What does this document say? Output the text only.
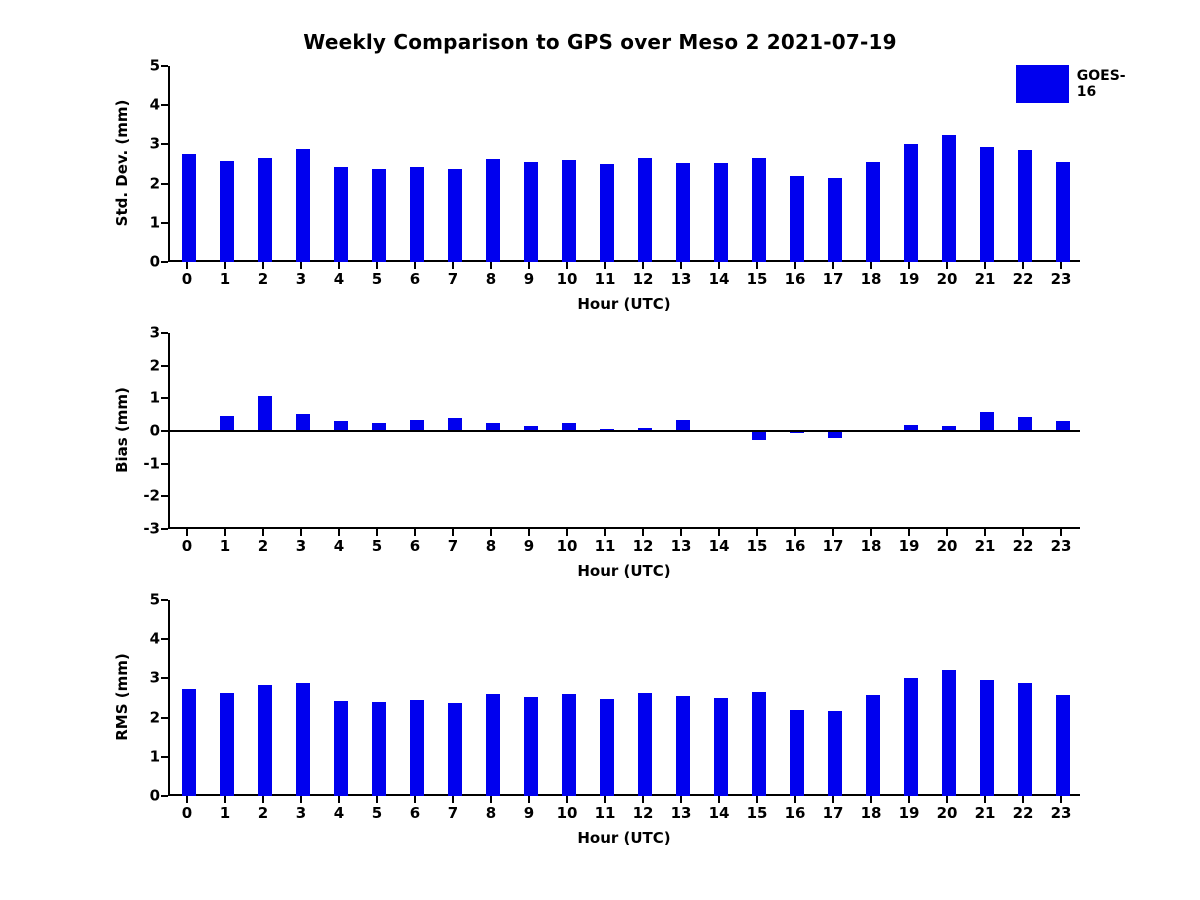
Weekly Comparison to GPS over Meso 2 2021-07-19
0
1
2
3
4
5
0 1 2 3 4 5 6 7 8 9 10 11 12 13 14 15 16 17 18 19 20 21 22 23
Hour (UTC)
Std. Dev. (mm)
GOES-16
-3
-2
-1
0
1
2
3
0 1 2 3 4 5 6 7 8 9 10 11 12 13 14 15 16 17 18 19 20 21 22 23
Hour (UTC)
Bias (mm)
0
1
2
3
4
5
0 1 2 3 4 5 6 7 8 9 10 11 12 13 14 15 16 17 18 19 20 21 22 23
Hour (UTC)
RMS (mm)
